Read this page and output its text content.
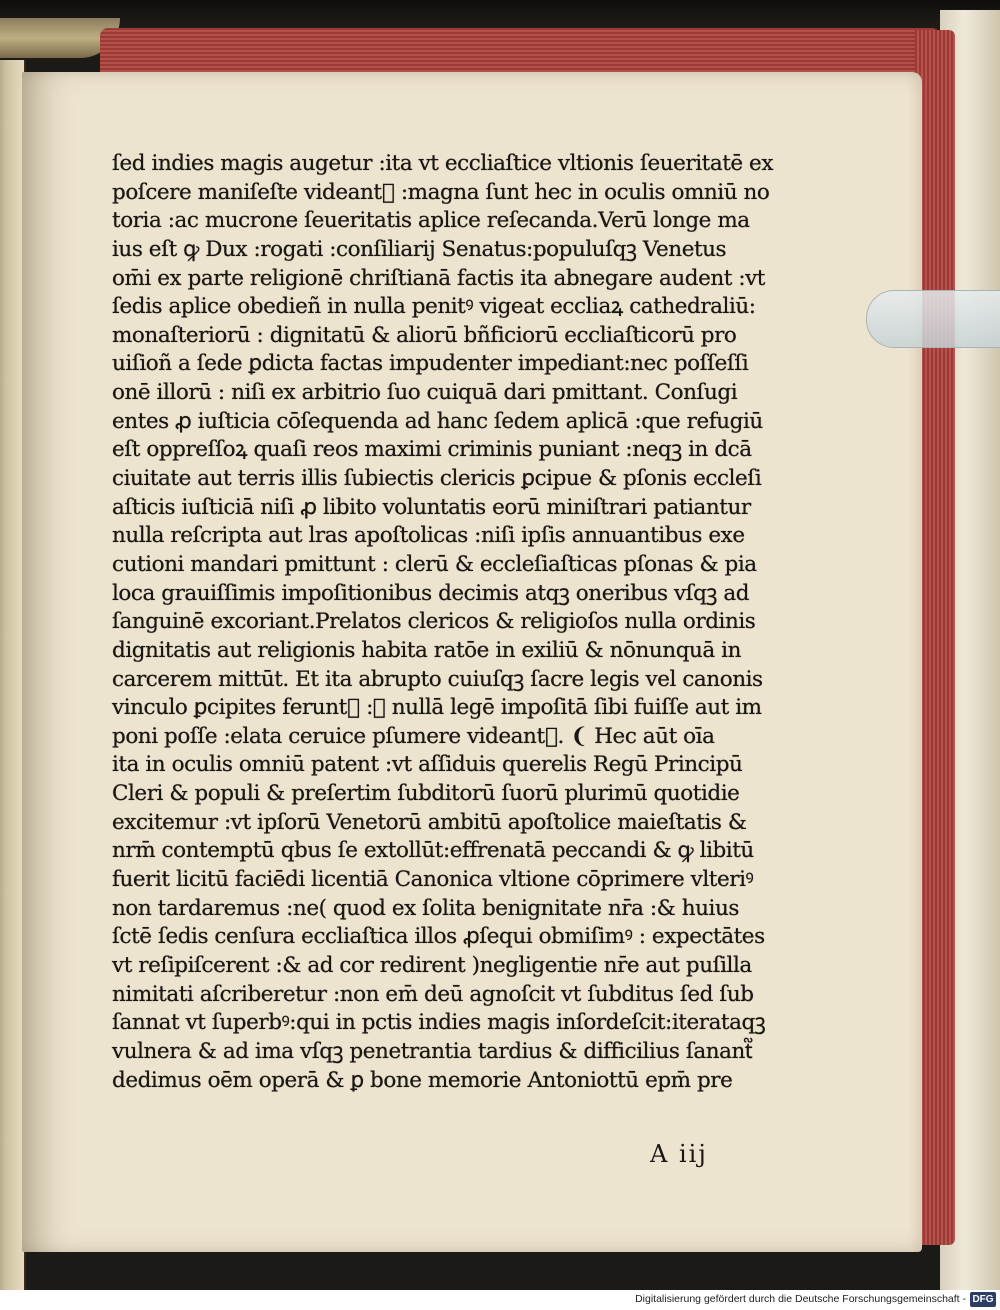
ſed indies magis augetur :ita vt eccliaſtice vltionis ſeueritatē ex
poſcere maniſeſte videant᷑ :magna ſunt hec in oculis omniū no
toria :ac mucrone ſeueritatis aplice reſecanda.Verū longe ma
ius eſt ꝙ Dux :rogati :conſiliarij Senatus:populuſqꝫ Venetus
om̄i ex parte religionē chriſtianā factis ita abnegare audent :vt
ſedis aplice obedieñ in nulla penitꝰ vigeat eccliaꝝ cathedraliū:
monaſteriorū : dignitatū & aliorū bñficiorū eccliaſticorū pro
uiſioñ a ſede ꝑdicta factas impudenter impediant:nec poſſeſſi
onē illorū : niſi ex arbitrio ſuo cuiquā dari pmittant. Conſugi
entes ꝓ iuſticia cōſequenda ad hanc ſedem aplicā :que refugiū
eſt oppreſſoꝝ quaſi reos maximi criminis puniant :neqꝫ in dcā
ciuitate aut terris illis ſubiectis clericis ꝑcipue & pſonis eccleſi
aſticis iuſticiā niſi ꝓ libito voluntatis eorū miniſtrari patiantur
nulla reſcripta aut lras apoſtolicas :niſi ipſis annuantibus exe
cutioni mandari pmittunt : clerū & eccleſiaſticas pſonas & pia
loca grauiſſimis impoſitionibus decimis atqꝫ oneribus vſqꝫ ad
ſanguinē excoriant.Prelatos clericos & religioſos nulla ordinis
dignitatis aut religionis habita ratōe in exiliū & nōnunquā in
carcerem mittūt. Et ita abrupto cuiuſqꝫ ſacre legis vel canonis
vinculo ꝑcipites ferunt᷑ :ꝙ nullā legē impoſitā ſibi fuiſſe aut im
poni poſſe :elata ceruice pſumere videant᷑. ❨ Hec aūt oīa
ita in oculis omniū patent :vt aſſiduis querelis Regū Principū
Cleri & populi & preſertim ſubditorū ſuorū plurimū quotidie
excitemur :vt ipſorū Venetorū ambitū apoſtolice maieſtatis &
nrm̄ contemptū qbus ſe extollūt:effrenatā peccandi & ꝙ libitū
fuerit licitū faciēdi licentiā Canonica vltione cōprimere vlteriꝰ
non tardaremus :ne( quod ex ſolita benignitate nr̄a :& huius
ſctē ſedis cenſura eccliaſtica illos ꝓſequi obmiſimꝰ : expectātes
vt reſipiſcerent :& ad cor redirent )negligentie nr̄e aut puſilla
nimitati aſcriberetur :non em̄ deū agnoſcit vt ſubditus ſed ſub
ſannat vt ſuperbꝰ:qui in pctis indies magis inſordeſcit:iterataqꝫ
vulnera & ad ima vſqꝫ penetrantia tardius & difficilius ſanant᷑
dedimus oēm operā & ꝑ bone memorie Antoniottū epm̄ pre
A iij
Digitalisierung gefördert durch die Deutsche Forschungsgemeinschaft - DFG
